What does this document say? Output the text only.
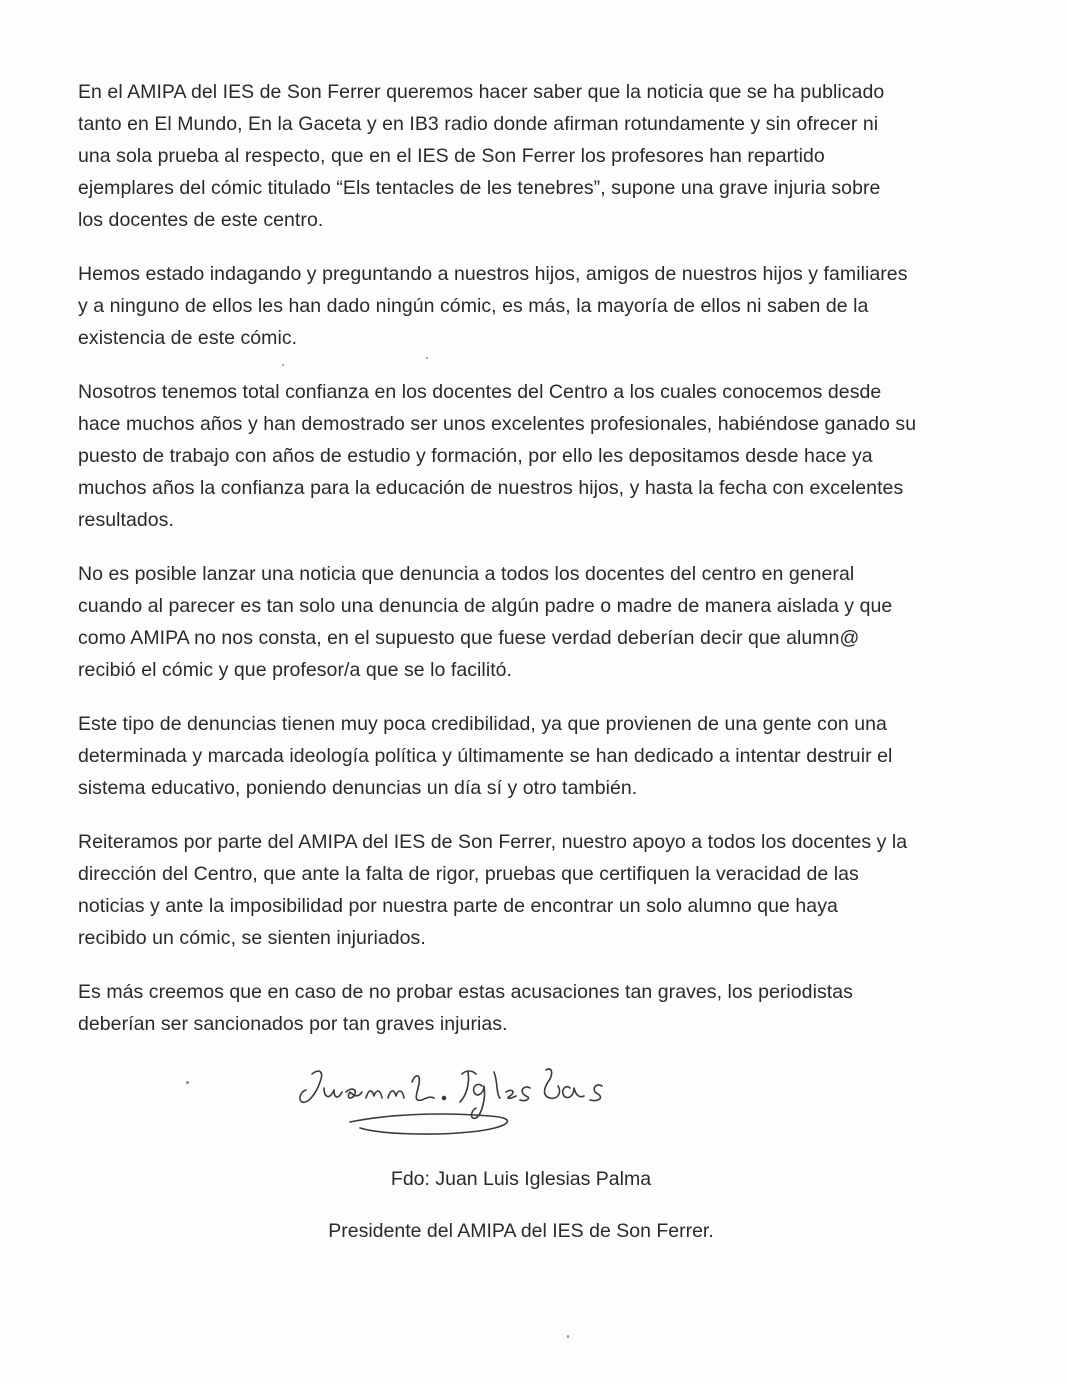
En el AMIPA del IES de Son Ferrer queremos hacer saber que la noticia que se ha publicado
tanto en El Mundo, En la Gaceta y en IB3 radio donde afirman rotundamente y sin ofrecer ni
una sola prueba al respecto, que en el IES de Son Ferrer los profesores han repartido
ejemplares del cómic titulado “Els tentacles de les tenebres”, supone una grave injuria sobre
los docentes de este centro.
Hemos estado indagando y preguntando a nuestros hijos, amigos de nuestros hijos y familiares
y a ninguno de ellos les han dado ningún cómic, es más, la mayoría de ellos ni saben de la
existencia de este cómic.
Nosotros tenemos total confianza en los docentes del Centro a los cuales conocemos desde
hace muchos años y han demostrado ser unos excelentes profesionales, habiéndose ganado su
puesto de trabajo con años de estudio y formación, por ello les depositamos desde hace ya
muchos años la confianza para la educación de nuestros hijos, y hasta la fecha con excelentes
resultados.
No es posible lanzar una noticia que denuncia a todos los docentes del centro en general
cuando al parecer es tan solo una denuncia de algún padre o madre de manera aislada y que
como AMIPA no nos consta, en el supuesto que fuese verdad deberían decir que alumn@
recibió el cómic y que profesor/a que se lo facilitó.
Este tipo de denuncias tienen muy poca credibilidad, ya que provienen de una gente con una
determinada y marcada ideología política y últimamente se han dedicado a intentar destruir el
sistema educativo, poniendo denuncias un día sí y otro también.
Reiteramos por parte del AMIPA del IES de Son Ferrer, nuestro apoyo a todos los docentes y la
dirección del Centro, que ante la falta de rigor, pruebas que certifiquen la veracidad de las
noticias y ante la imposibilidad por nuestra parte de encontrar un solo alumno que haya
recibido un cómic, se sienten injuriados.
Es más creemos que en caso de no probar estas acusaciones tan graves, los periodistas
deberían ser sancionados por tan graves injurias.
Fdo: Juan Luis Iglesias Palma
Presidente del AMIPA del IES de Son Ferrer.
